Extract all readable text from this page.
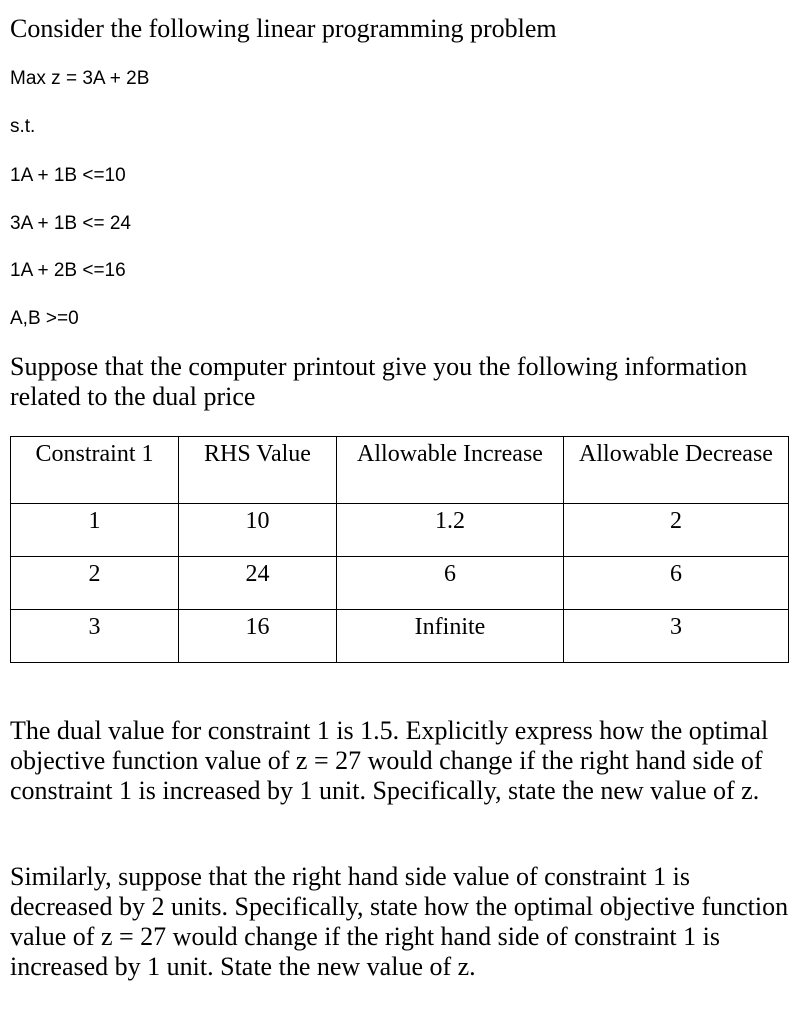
Consider the following linear programming problem
Max z = 3A + 2B
s.t.
1A + 1B <=10
3A + 1B <= 24
1A + 2B <=16
A,B >=0
Suppose that the computer printout give you the following information related to the dual price
Constraint 1	RHS Value	Allowable Increase	Allowable Decrease
1	10	1.2	2
2	24	6	6
3	16	Infinite	3
The dual value for constraint 1 is 1.5. Explicitly express how the optimal objective function value of z = 27 would change if the right hand side of constraint 1 is increased by 1 unit. Specifically, state the new value of z.
Similarly, suppose that the right hand side value of constraint 1 is decreased by 2 units. Specifically, state how the optimal objective function value of z = 27 would change if the right hand side of constraint 1 is increased by 1 unit. State the new value of z.
